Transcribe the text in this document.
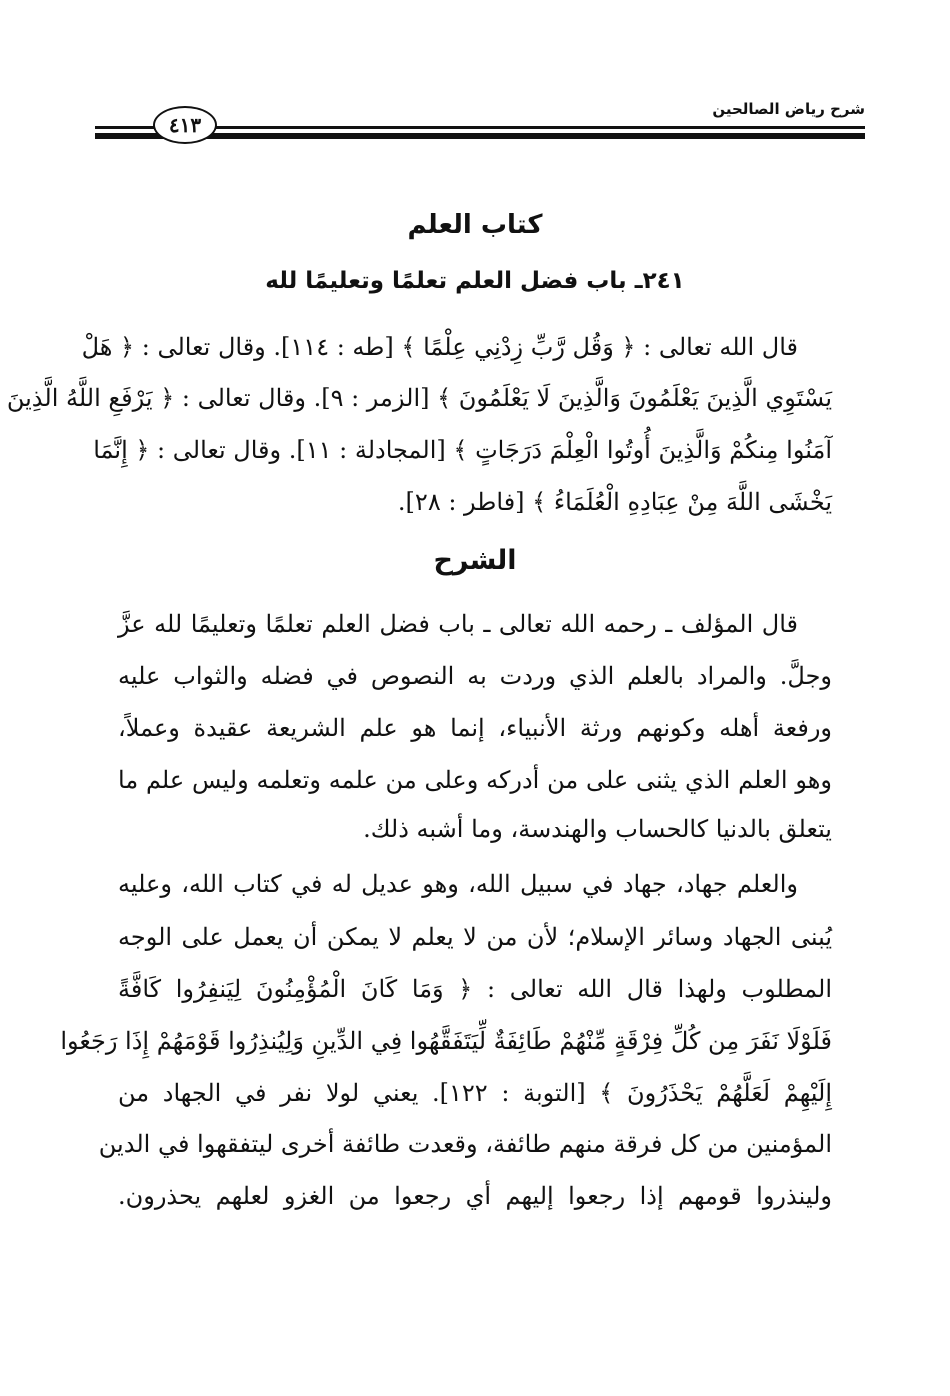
شرح رياض الصالحين
٤١٣
كتاب العلم
٢٤١ـ باب فضل العلم تعلمًا وتعليمًا لله
قال الله تعالى : ﴿ وَقُل رَّبِّ زِدْنِي عِلْمًا ﴾ [طه : ١١٤]. وقال تعالى : ﴿ هَلْ
يَسْتَوِي الَّذِينَ يَعْلَمُونَ وَالَّذِينَ لَا يَعْلَمُونَ ﴾ [الزمر : ٩]. وقال تعالى : ﴿ يَرْفَعِ اللَّهُ الَّذِينَ
آمَنُوا مِنكُمْ وَالَّذِينَ أُوتُوا الْعِلْمَ دَرَجَاتٍ ﴾ [المجادلة : ١١]. وقال تعالى : ﴿ إِنَّمَا
يَخْشَى اللَّهَ مِنْ عِبَادِهِ الْعُلَمَاءُ ﴾ [فاطر : ٢٨].
الشرح
قال المؤلف ـ رحمه الله تعالى ـ باب فضل العلم تعلمًا وتعليمًا لله عزَّ
وجلَّ. والمراد بالعلم الذي وردت به النصوص في فضله والثواب عليه
ورفعة أهله وكونهم ورثة الأنبياء، إنما هو علم الشريعة عقيدة وعملاً،
وهو العلم الذي يثنى على من أدركه وعلى من علمه وتعلمه وليس علم ما
يتعلق بالدنيا كالحساب والهندسة، وما أشبه ذلك.
والعلم جهاد، جهاد في سبيل الله، وهو عديل له في كتاب الله، وعليه
يُبنى الجهاد وسائر الإسلام؛ لأن من لا يعلم لا يمكن أن يعمل على الوجه
المطلوب ولهذا قال الله تعالى : ﴿ وَمَا كَانَ الْمُؤْمِنُونَ لِيَنفِرُوا كَافَّةً
فَلَوْلَا نَفَرَ مِن كُلِّ فِرْقَةٍ مِّنْهُمْ طَائِفَةٌ لِّيَتَفَقَّهُوا فِي الدِّينِ وَلِيُنذِرُوا قَوْمَهُمْ إِذَا رَجَعُوا
إِلَيْهِمْ لَعَلَّهُمْ يَحْذَرُونَ ﴾ [التوبة : ١٢٢]. يعني لولا نفر في الجهاد من
المؤمنين من كل فرقة منهم طائفة، وقعدت طائفة أخرى ليتفقهوا في الدين
ولينذروا قومهم إذا رجعوا إليهم أي رجعوا من الغزو لعلهم يحذرون.
